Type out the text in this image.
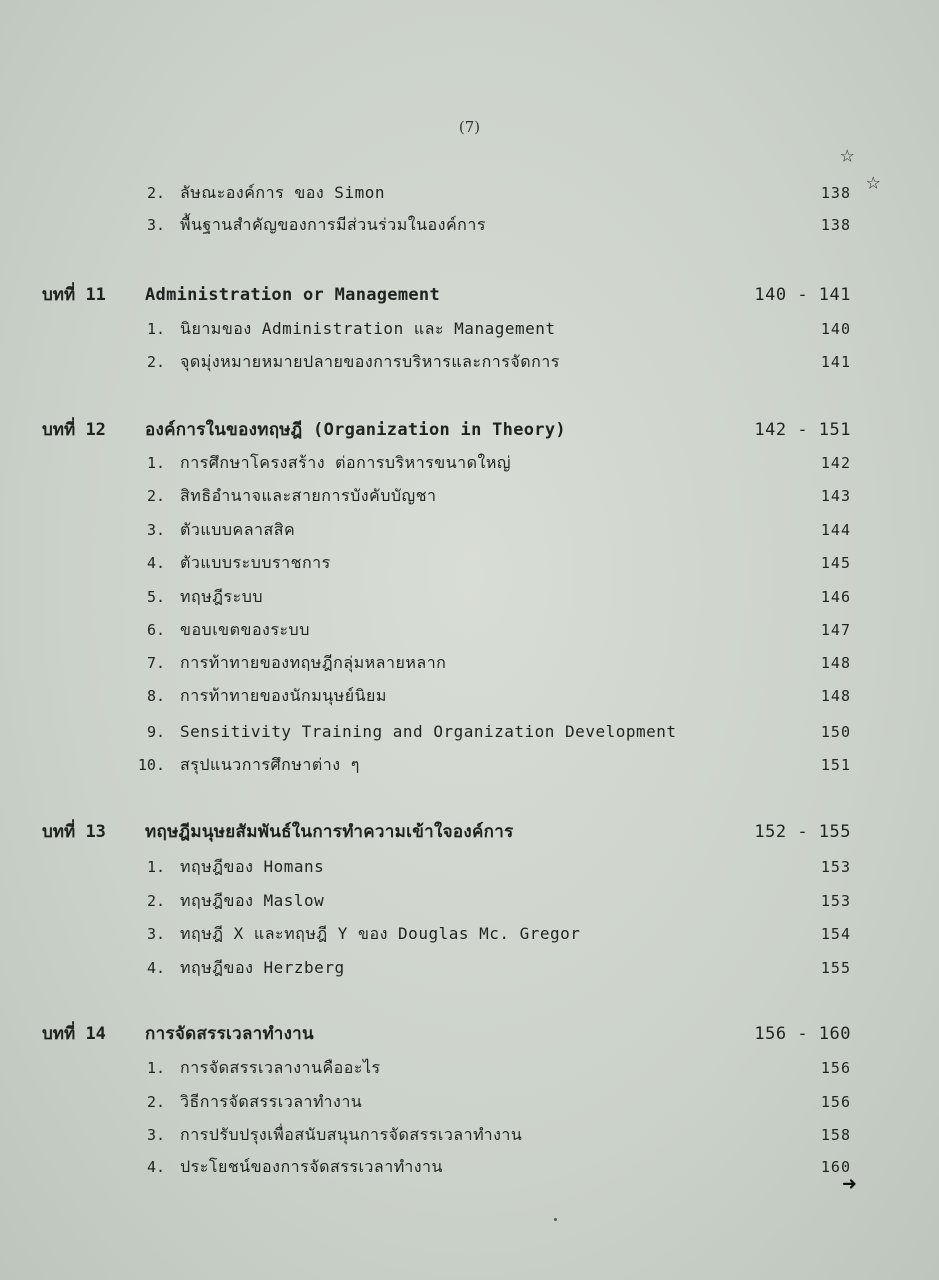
(7)
☆
☆
2. ลัษณะองค์การ ของ Simon	138
3. พื้นฐานสำคัญของการมีส่วนร่วมในองค์การ	138
บทที่ 11 Administration or Management	140 - 141
1. นิยามของ Administration และ Management	140
2. จุดมุ่งหมายหมายปลายของการบริหารและการจัดการ	141
บทที่ 12 องค์การในของทฤษฎี (Organization in Theory)	142 - 151
1. การศึกษาโครงสร้าง ต่อการบริหารขนาดใหญ่	142
2. สิทธิอำนาจและสายการบังคับบัญชา	143
3. ตัวแบบคลาสสิค	144
4. ตัวแบบระบบราชการ	145
5. ทฤษฎีระบบ	146
6. ขอบเขตของระบบ	147
7. การท้าทายของทฤษฎีกลุ่มหลายหลาก	148
8. การท้าทายของนักมนุษย์นิยม	148
9. Sensitivity Training and Organization Development	150
10. สรุปแนวการศึกษาต่าง ๆ	151
บทที่ 13 ทฤษฎีมนุษยสัมพันธ์ในการทำความเข้าใจองค์การ	152 - 155
1. ทฤษฎีของ Homans	153
2. ทฤษฎีของ Maslow	153
3. ทฤษฎี X และทฤษฎี Y ของ Douglas Mc. Gregor	154
4. ทฤษฎีของ Herzberg	155
บทที่ 14 การจัดสรรเวลาทำงาน	156 - 160
1. การจัดสรรเวลางานคืออะไร	156
2. วิธีการจัดสรรเวลาทำงาน	156
3. การปรับปรุงเพื่อสนับสนุนการจัดสรรเวลาทำงาน	158
4. ประโยชน์ของการจัดสรรเวลาทำงาน	160
➜
